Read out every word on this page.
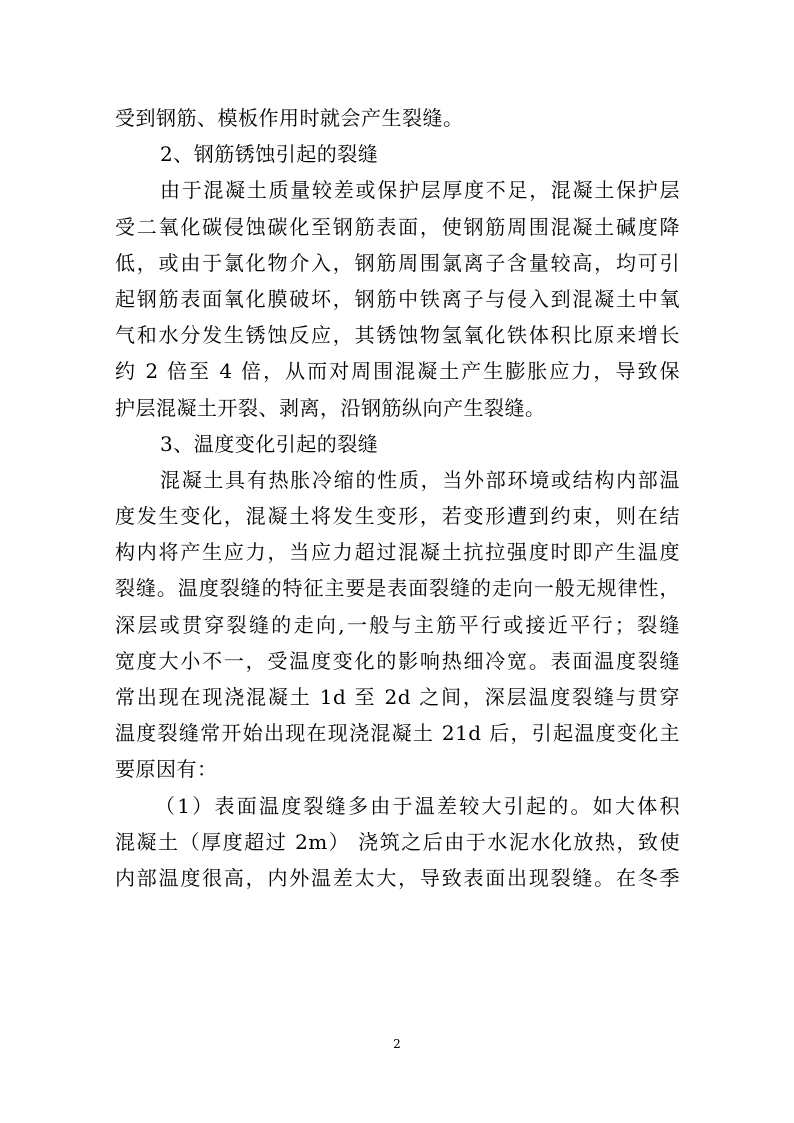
受到钢筋、模板作用时就会产生裂缝。
2、钢筋锈蚀引起的裂缝
由于混凝土质量较差或保护层厚度不足，混凝土保护层
受二氧化碳侵蚀碳化至钢筋表面，使钢筋周围混凝土碱度降
低，或由于氯化物介入，钢筋周围氯离子含量较高，均可引
起钢筋表面氧化膜破坏，钢筋中铁离子与侵入到混凝土中氧
气和水分发生锈蚀反应，其锈蚀物氢氧化铁体积比原来增长
约 2 倍至 4 倍，从而对周围混凝土产生膨胀应力，导致保
护层混凝土开裂、剥离，沿钢筋纵向产生裂缝。
3、温度变化引起的裂缝
混凝土具有热胀冷缩的性质，当外部环境或结构内部温
度发生变化，混凝土将发生变形，若变形遭到约束，则在结
构内将产生应力，当应力超过混凝土抗拉强度时即产生温度
裂缝。温度裂缝的特征主要是表面裂缝的走向一般无规律性，
深层或贯穿裂缝的走向,一般与主筋平行或接近平行；裂缝
宽度大小不一，受温度变化的影响热细冷宽。表面温度裂缝
常出现在现浇混凝土 1d 至 2d 之间，深层温度裂缝与贯穿
温度裂缝常开始出现在现浇混凝土 21d 后，引起温度变化主
要原因有：
（1）表面温度裂缝多由于温差较大引起的。如大体积
混凝土（厚度超过 2m） 浇筑之后由于水泥水化放热，致使
内部温度很高，内外温差太大，导致表面出现裂缝。在冬季
2
